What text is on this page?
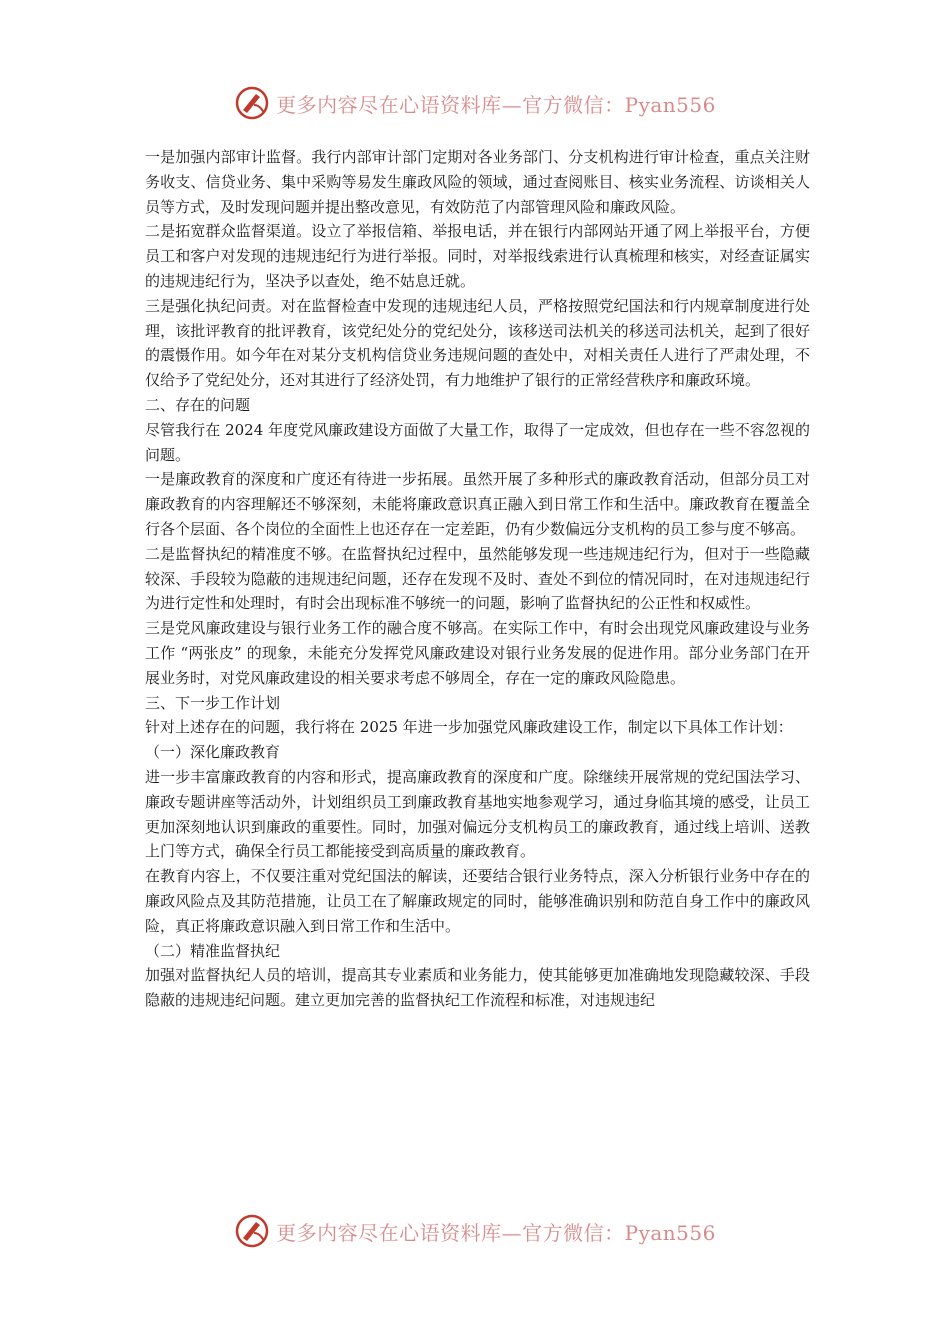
更多内容尽在心语资料库—官方微信：Pyan556

一是加强内部审计监督。我行内部审计部门定期对各业务部门、分支机构进行审计检查，重点关注财务收支、信贷业务、集中采购等易发生廉政风险的领域，通过查阅账目、核实业务流程、访谈相关人员等方式，及时发现问题并提出整改意见，有效防范了内部管理风险和廉政风险。

二是拓宽群众监督渠道。设立了举报信箱、举报电话，并在银行内部网站开通了网上举报平台，方便员工和客户对发现的违规违纪行为进行举报。同时，对举报线索进行认真梳理和核实，对经查证属实的违规违纪行为，坚决予以查处，绝不姑息迁就。

三是强化执纪问责。对在监督检查中发现的违规违纪人员，严格按照党纪国法和行内规章制度进行处理，该批评教育的批评教育，该党纪处分的党纪处分，该移送司法机关的移送司法机关，起到了很好的震慑作用。如今年在对某分支机构信贷业务违规问题的查处中，对相关责任人进行了严肃处理，不仅给予了党纪处分，还对其进行了经济处罚，有力地维护了银行的正常经营秩序和廉政环境。

二、存在的问题

尽管我行在 2024 年度党风廉政建设方面做了大量工作，取得了一定成效，但也存在一些不容忽视的问题。

一是廉政教育的深度和广度还有待进一步拓展。虽然开展了多种形式的廉政教育活动，但部分员工对廉政教育的内容理解还不够深刻，未能将廉政意识真正融入到日常工作和生活中。廉政教育在覆盖全行各个层面、各个岗位的全面性上也还存在一定差距，仍有少数偏远分支机构的员工参与度不够高。

二是监督执纪的精准度不够。在监督执纪过程中，虽然能够发现一些违规违纪行为，但对于一些隐藏较深、手段较为隐蔽的违规违纪问题，还存在发现不及时、查处不到位的情况同时，在对违规违纪行为进行定性和处理时，有时会出现标准不够统一的问题，影响了监督执纪的公正性和权威性。

三是党风廉政建设与银行业务工作的融合度不够高。在实际工作中，有时会出现党风廉政建设与业务工作 “两张皮” 的现象，未能充分发挥党风廉政建设对银行业务发展的促进作用。部分业务部门在开展业务时，对党风廉政建设的相关要求考虑不够周全，存在一定的廉政风险隐患。

三、下一步工作计划

针对上述存在的问题，我行将在 2025 年进一步加强党风廉政建设工作，制定以下具体工作计划：

（一）深化廉政教育

进一步丰富廉政教育的内容和形式，提高廉政教育的深度和广度。除继续开展常规的党纪国法学习、廉政专题讲座等活动外，计划组织员工到廉政教育基地实地参观学习，通过身临其境的感受，让员工更加深刻地认识到廉政的重要性。同时，加强对偏远分支机构员工的廉政教育，通过线上培训、送教上门等方式，确保全行员工都能接受到高质量的廉政教育。

在教育内容上，不仅要注重对党纪国法的解读，还要结合银行业务特点，深入分析银行业务中存在的廉政风险点及其防范措施，让员工在了解廉政规定的同时，能够准确识别和防范自身工作中的廉政风险，真正将廉政意识融入到日常工作和生活中。

（二）精准监督执纪

加强对监督执纪人员的培训，提高其专业素质和业务能力，使其能够更加准确地发现隐藏较深、手段隐蔽的违规违纪问题。建立更加完善的监督执纪工作流程和标准，对违规违纪

更多内容尽在心语资料库—官方微信：Pyan556
